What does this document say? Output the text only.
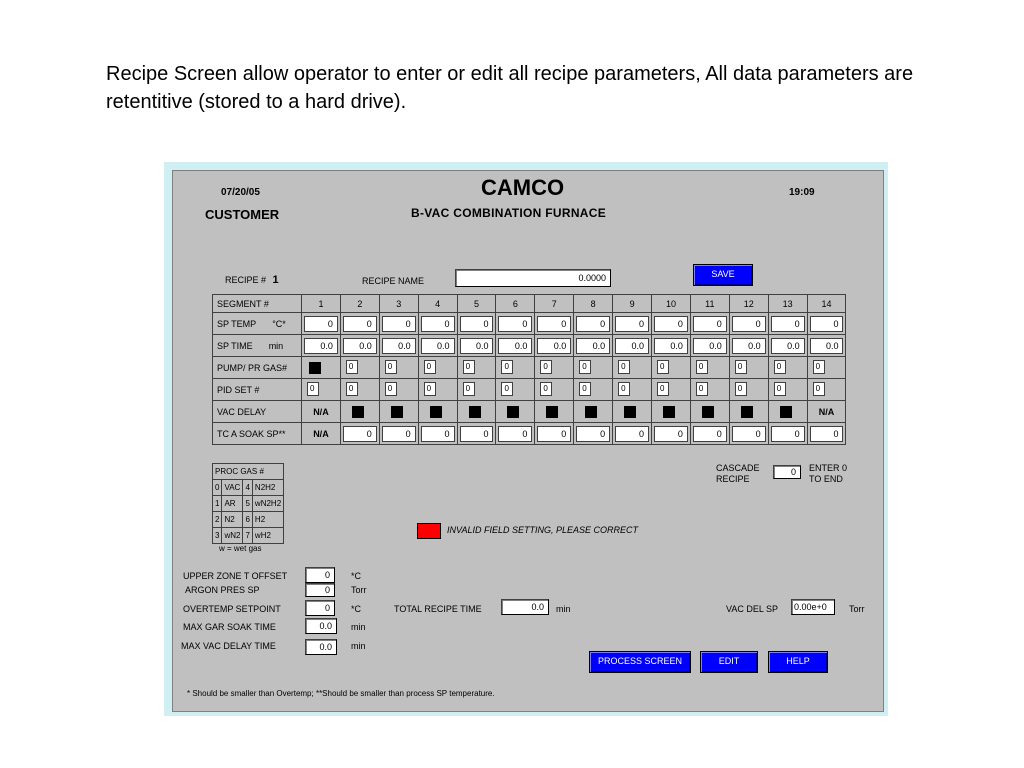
Recipe Screen allow operator to enter or edit all recipe parameters, All data parameters are retentitive (stored to a hard drive).
07/20/05	19:09
CAMCO
CUSTOMER	B-VAC COMBINATION FURNACE
RECIPE # 1	RECIPE NAME	0.0000	SAVE
SEGMENT #	1	2	3	4	5	6	7	8	9	10	11	12	13	14
SP TEMP °C*	0	0	0	0	0	0	0	0	0	0	0	0	0	0

SP TIME min	0.0	0.0	0.0	0.0	0.0	0.0	0.0	0.0	0.0	0.0	0.0	0.0	0.0	0.0

PUMP/ PR GAS#		0	0	0	0	0	0	0	0	0	0	0	0	0

PID SET #	0	0	0	0	0	0	0	0	0	0	0	0	0	0

VAC DELAY	N/A													N/A

TC A SOAK SP**	N/A	0	0	0	0	0	0	0	0	0	0	0	0	0
PROC GAS #			
0	VAC	4	N2H2
1	AR	5	wN2H2
2	N2	6	H2
3	wN2	7	wH2
w = wet gas
CASCADE
RECIPE
0	ENTER 0
TO END
INVALID FIELD SETTING, PLEASE CORRECT
UPPER ZONE T OFFSET	0	*C
ARGON PRES SP	0	Torr
OVERTEMP SETPOINT	0	*C
MAX GAR SOAK TIME	0.0	min
MAX VAC DELAY TIME	0.0	min
TOTAL RECIPE TIME	0.0	min	VAC DEL SP	0.00e+0	Torr
PROCESS SCREEN	EDIT	HELP
* Should be smaller than Overtemp; **Should be smaller than process SP temperature.
